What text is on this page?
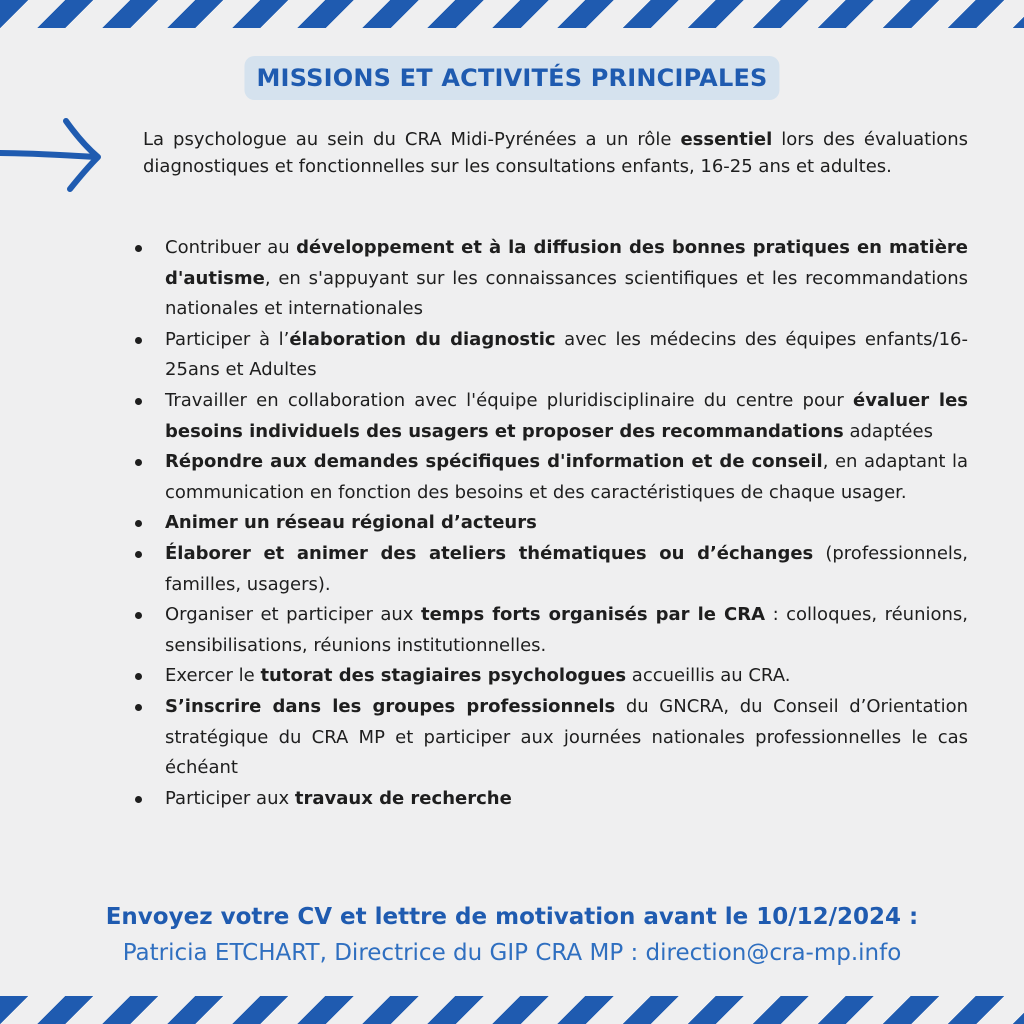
MISSIONS ET ACTIVITÉS PRINCIPALES

La psychologue au sein du CRA Midi-Pyrénées a un rôle essentiel lors des évaluations diagnostiques et fonctionnelles sur les consultations enfants, 16-25 ans et adultes.

Contribuer au développement et à la diffusion des bonnes pratiques en matière d'autisme, en s'appuyant sur les connaissances scientifiques et les recommandations nationales et internationales
Participer à l’élaboration du diagnostic avec les médecins des équipes enfants/16-25ans et Adultes
Travailler en collaboration avec l'équipe pluridisciplinaire du centre pour évaluer les besoins individuels des usagers et proposer des recommandations adaptées
Répondre aux demandes spécifiques d'information et de conseil, en adaptant la communication en fonction des besoins et des caractéristiques de chaque usager.
Animer un réseau régional d’acteurs
Élaborer et animer des ateliers thématiques ou d’échanges (professionnels, familles, usagers).
Organiser et participer aux temps forts organisés par le CRA : colloques, réunions, sensibilisations, réunions institutionnelles.
Exercer le tutorat des stagiaires psychologues accueillis au CRA.
S’inscrire dans les groupes professionnels du GNCRA, du Conseil d’Orientation stratégique du CRA MP et participer aux journées nationales professionnelles le cas échéant
Participer aux travaux de recherche

Envoyez votre CV et lettre de motivation avant le 10/12/2024 :

Patricia ETCHART, Directrice du GIP CRA MP : direction@cra-mp.info
